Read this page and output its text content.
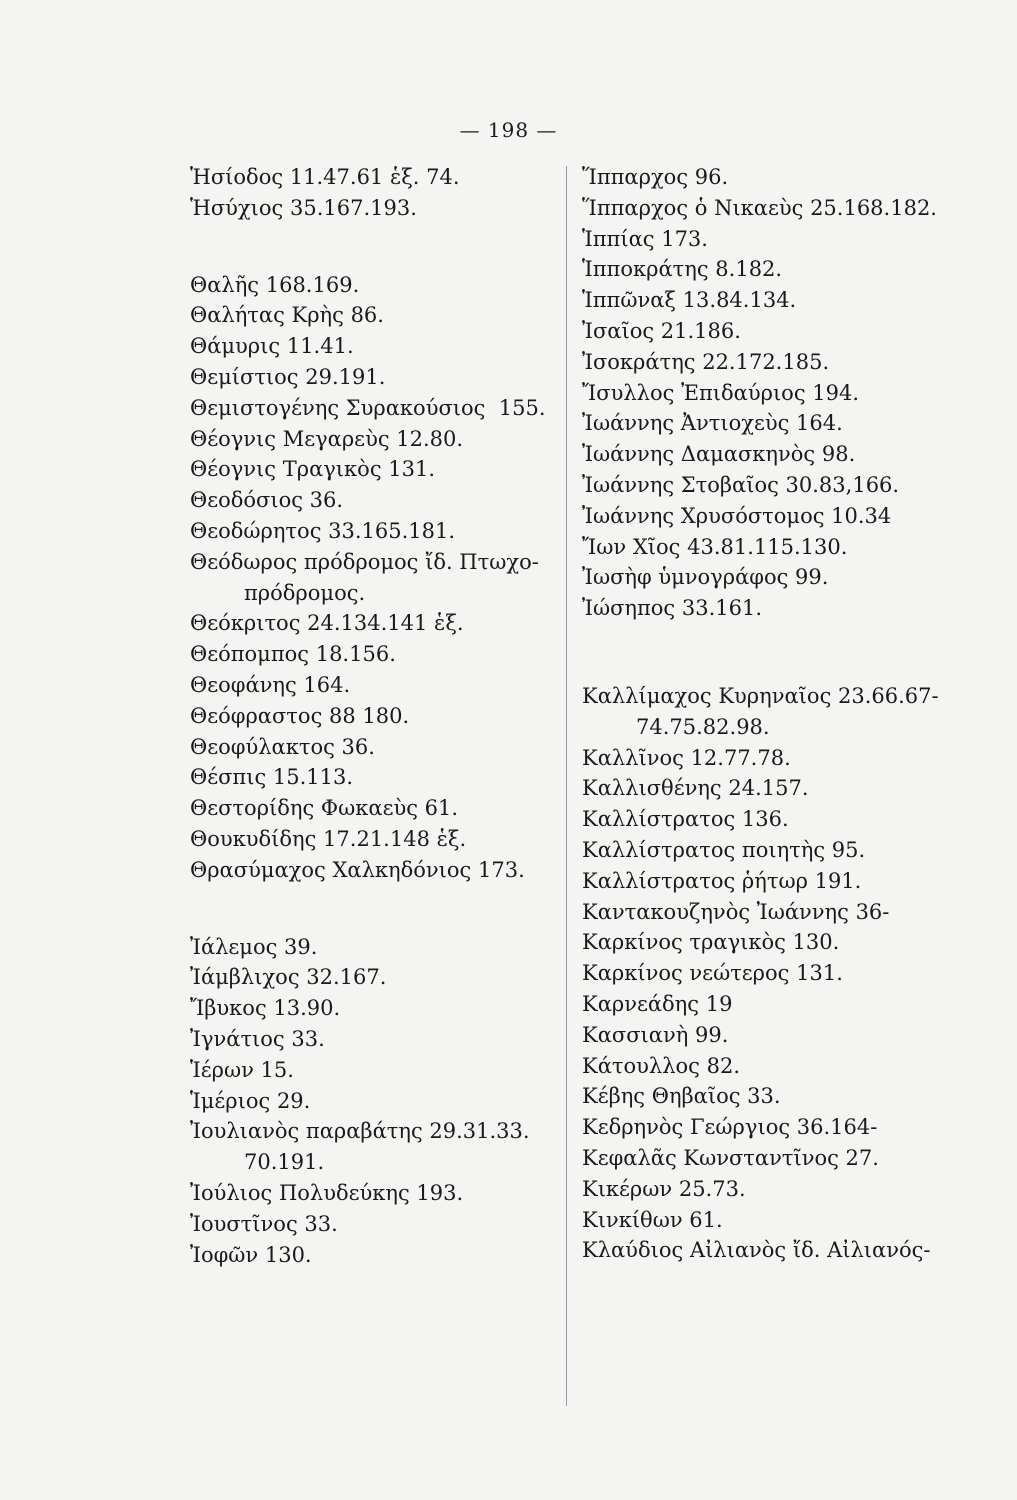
— 198 —
Ἡσίοδος 11.47.61 ἑξ. 74.
Ἡσύχιος 35.167.193.
Θαλῆς 168.169.
Θαλήτας Κρὴς 86.
Θάμυρις 11.41.
Θεμίστιος 29.191.
Θεμιστογένης Συρακούσιος  155.
Θέογνις Μεγαρεὺς 12.80.
Θέογνις Τραγικὸς 131.
Θεοδόσιος 36.
Θεοδώρητος 33.165.181.
Θεόδωρος πρόδρομος ἴδ. Πτωχο-
πρόδρομος.
Θεόκριτος 24.134.141 ἑξ.
Θεόπομπος 18.156.
Θεοφάνης 164.
Θεόφραστος 88 180.
Θεοφύλακτος 36.
Θέσπις 15.113.
Θεστορίδης Φωκαεὺς 61.
Θουκυδίδης 17.21.148 ἑξ.
Θρασύμαχος Χαλκηδόνιος 173.
Ἰάλεμος 39.
Ἰάμβλιχος 32.167.
Ἴβυκος 13.90.
Ἰγνάτιος 33.
Ἱέρων 15.
Ἱμέριος 29.
Ἰουλιανὸς παραβάτης 29.31.33.
70.191.
Ἰούλιος Πολυδεύκης 193.
Ἰουστῖνος 33.
Ἰοφῶν 130.
Ἵππαρχος 96.
Ἵππαρχος ὁ Νικαεὺς 25.168.182.
Ἱππίας 173.
Ἱπποκράτης 8.182.
Ἱππῶναξ 13.84.134.
Ἰσαῖος 21.186.
Ἰσοκράτης 22.172.185.
Ἴσυλλος Ἐπιδαύριος 194.
Ἰωάννης Ἀντιοχεὺς 164.
Ἰωάννης Δαμασκηνὸς 98.
Ἰωάννης Στοβαῖος 30.83,166.
Ἰωάννης Χρυσόστομος 10.34
Ἴων Χῖος 43.81.115.130.
Ἰωσὴφ ὑμνογράφος 99.
Ἰώσηπος 33.161.
Καλλίμαχος Κυρηναῖος 23.66.67-
74.75.82.98.
Καλλῖνος 12.77.78.
Καλλισθένης 24.157.
Καλλίστρατος 136.
Καλλίστρατος ποιητὴς 95.
Καλλίστρατος ῥήτωρ 191.
Καντακουζηνὸς Ἰωάννης 36-
Καρκίνος τραγικὸς 130.
Καρκίνος νεώτερος 131.
Καρνεάδης 19
Κασσιανὴ 99.
Κάτουλλος 82.
Κέβης Θηβαῖος 33.
Κεδρηνὸς Γεώργιος 36.164-
Κεφαλᾶς Κωνσταντῖνος 27.
Κικέρων 25.73.
Κινκίθων 61.
Κλαύδιος Αἰλιανὸς ἴδ. Αἰλιανός-
